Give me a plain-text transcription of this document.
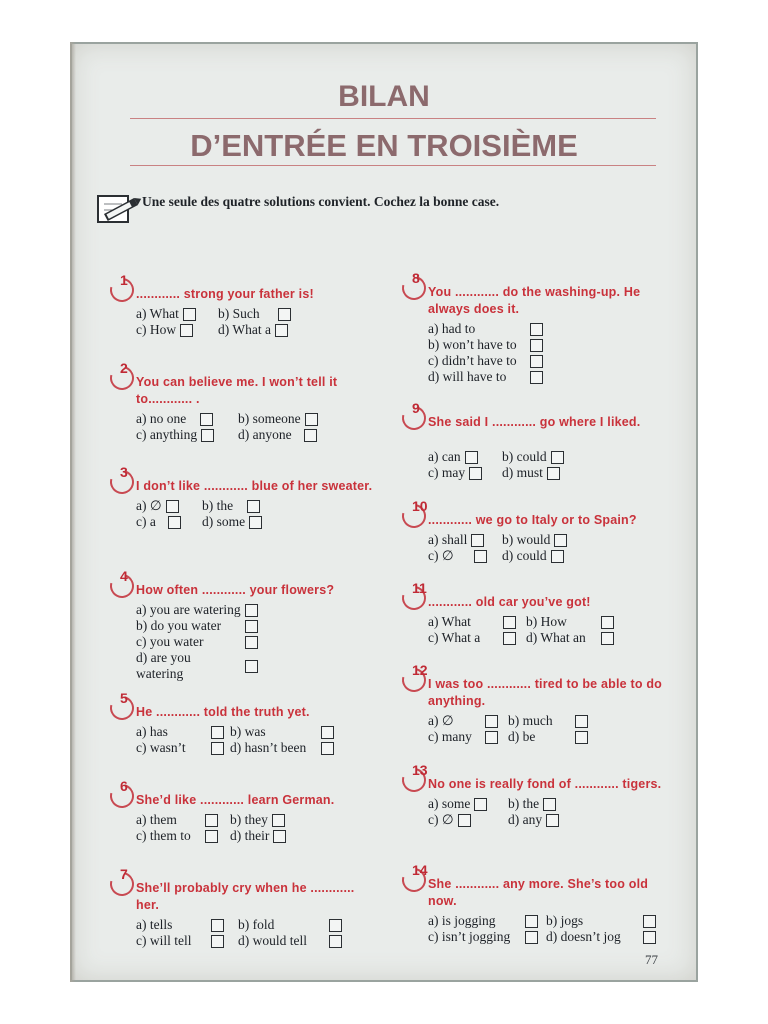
BILAN
D’ENTRÉE EN TROISIÈME
Une seule des quatre solutions convient. Cochez la bonne case.
1
............ strong your father is!
a) What	b) Such
c) How	d) What a
2
You can believe me. I won’t tell it to............ .
a) no one	b) someone
c) anything	d) anyone
3
I don’t like ............ blue of her sweater.
a) ∅	b) the
c) a	d) some
4
How often ............ your flowers?
a) you are watering
b) do you water
c) you water
d) are you watering
5
He ............ told the truth yet.
a) has	b) was
c) wasn’t	d) hasn’t been
6
She’d like ............ learn German.
a) them	b) they
c) them to	d) their
7
She’ll probably cry when he ............ her.
a) tells	b) fold
c) will tell	d) would tell
8
You ............ do the washing-up. He always does it.
a) had to
b) won’t have to
c) didn’t have to
d) will have to
9
She said I ............ go where I liked.
a) can	b) could
c) may	d) must
10
............ we go to Italy or to Spain?
a) shall	b) would
c) ∅	d) could
11
............ old car you’ve got!
a) What	b) How
c) What a	d) What an
12
I was too ............ tired to be able to do anything.
a) ∅	b) much
c) many	d) be
13
No one is really fond of ............ tigers.
a) some	b) the
c) ∅	d) any
14
She ............ any more. She’s too old now.
a) is jogging	b) jogs
c) isn’t jogging	d) doesn’t jog
77
